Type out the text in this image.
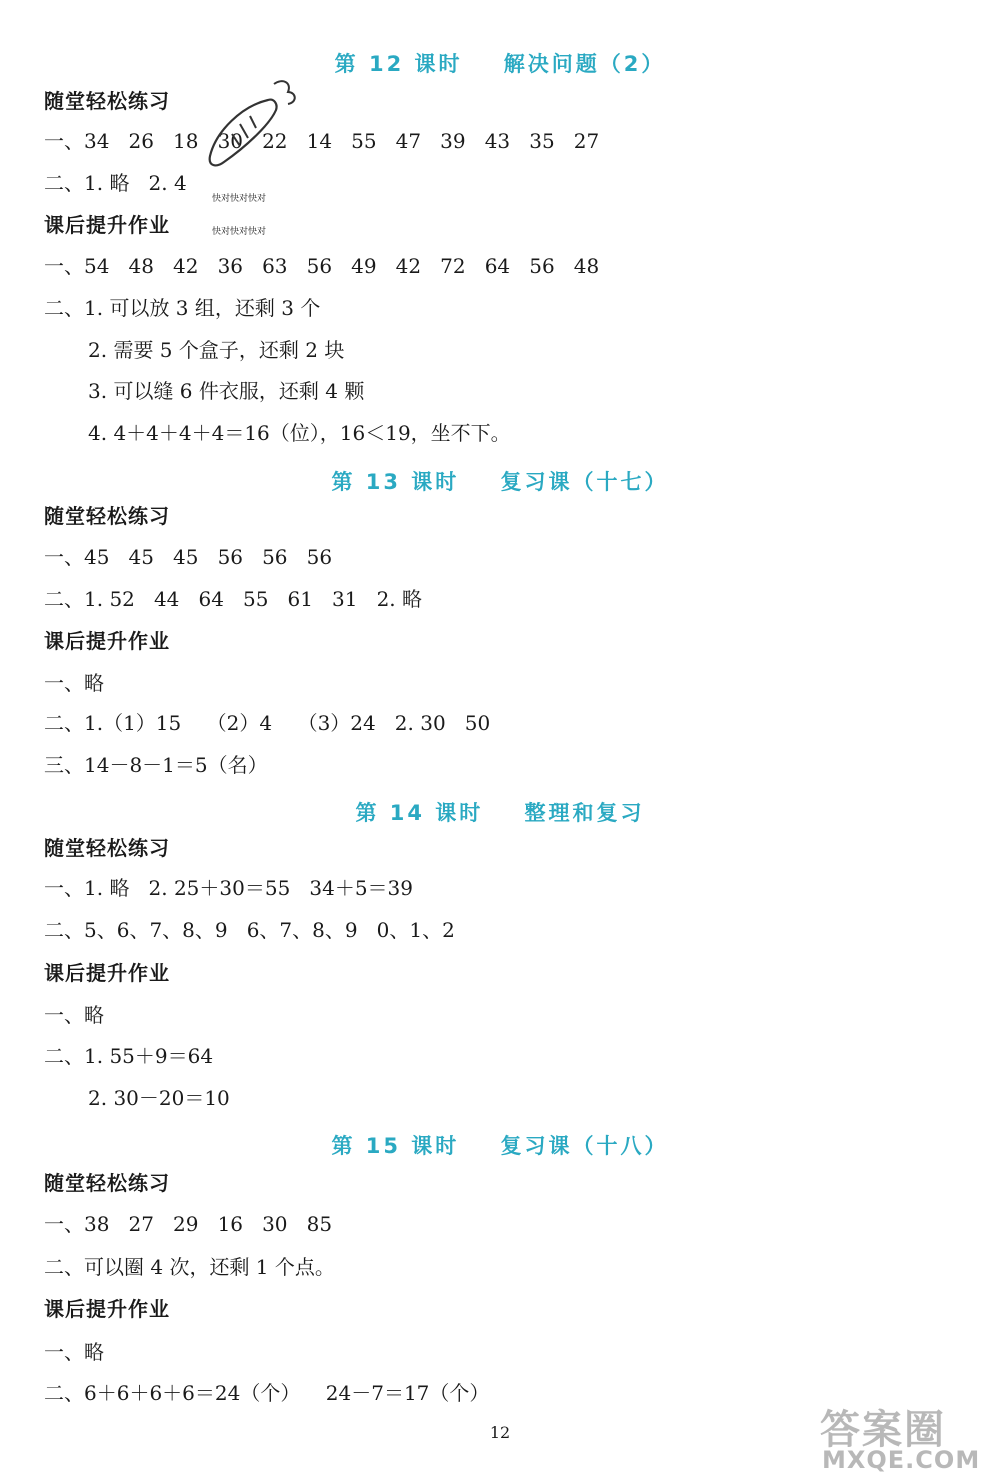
第 12 课时    解决问题（2）
随堂轻松练习
一、34   26   18   30   22   14   55   47   39   43   35   27
二、1. 略   2. 4
课后提升作业
一、54   48   42   36   63   56   49   42   72   64   56   48
二、1. 可以放 3 组，还剩 3 个
2. 需要 5 个盒子，还剩 2 块
3. 可以缝 6 件衣服，还剩 4 颗
4. 4＋4＋4＋4＝16（位），16＜19，坐不下。

快对快对快对

快对快对快对

第 13 课时    复习课（十七）
随堂轻松练习
一、45   45   45   56   56   56
二、1. 52   44   64   55   61   31   2. 略
课后提升作业
一、略
二、1.（1）15    （2）4    （3）24   2. 30   50
三、14－8－1＝5（名）
第 14 课时    整理和复习
随堂轻松练习
一、1. 略   2. 25＋30＝55   34＋5＝39
二、5、6、7、8、9   6、7、8、9   0、1、2
课后提升作业
一、略
二、1. 55＋9＝64
2. 30－20＝10
第 15 课时    复习课（十八）
随堂轻松练习
一、38   27   29   16   30   85
二、可以圈 4 次，还剩 1 个点。
课后提升作业
一、略
二、6＋6＋6＋6＝24（个）    24－7＝17（个）
12	答案圈
MXQE.COM
